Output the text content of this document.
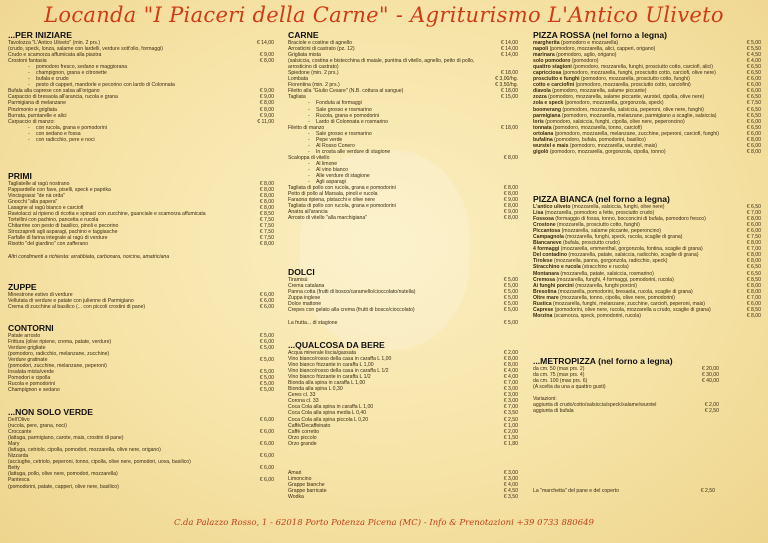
Locanda "I Piaceri della Carne" - Agriturismo L'Antico Uliveto
...PER INIZIARE
Tavolozza "L'Antico Uliveto" (min. 2 prs.)	€ 14,00
(crudo, speck, lonza, salame con lardelli, verdure sott'olio, formaggi)
Crudo e scamorza affumicata alla piastra	€ 9,00
Crostoni fantasia	€ 8,00
- pomodoro fresco, sedano e maggiorana
- champignon, grana e citronette
- bufala e crudo
- pesto di capperi, mandorle e pecorino con lardo di Colonnata
Bufala alla caprese con salsa all'origano	€ 9,00
Carpaccio di bresaola all'arancia, rucola e grana	€ 9,00
Parmigiana di melanzane	€ 8,00
Pinzimonio e grigliata	€ 8,00
Burrata, purntarelle e alici	€ 9,00
Carpaccio di manzo:	€ 11,00
- con rucola, grana e pomodorini
- con sedano e fossa
- con radicchio, pere e noci
PRIMI
Tagliatelle al ragù nostrano	€ 8,00
Pappardelle con fave, piselli, speck e paprika	€ 8,00
Vincisgrassi "de nà orda"	€ 8,00
Gnocchi "alla papera"	€ 8,00
Lasagne al ragù bianco e carciofi	€ 8,00
Raviolacci al ripieno di ricotta e spinaci con zucchine, guanciale e scamorza affumicata	€ 8,50
Tortellini con pachino, pancetta e rucola	€ 7,50
Chitarrine con pesto di basilico, pinoli e pecorino	€ 7,50
Strozzapreti agli asparagi, pachino e taggiasche	€ 7,50
Farfalle di farina integrale al ragù di verdure	€ 7,50
Risotto "del giardino" con zafferano	€ 8,00
Altri condimenti a richiesta: arrabbiata, carbonara, norcina, amatriciana
ZUPPE
Minestrone estivo di verdure	€ 6,00
Vellutata di verdure e patate con julienne di Parmigiano	€ 6,00
Crema di zucchine al basilico (... con piccoli crostini di pane)	€ 6,00
CONTORNI
Patate arrosto	€ 5,00
Frittura (olive ripiene, crema, patate, verdure)	€ 6,00
Verdure grigliate	€ 5,00
(pomodoro, radicchio, melanzane, zucchine)
Verdure gratinate	€ 5,00
(pomodori, zucchine, melanzane, peperoni)
Insalata mista/verde	€ 5,00
Pomodori e cipolla	€ 5,00
Rucola e pomodorini	€ 5,00
Champignon e sedano	€ 5,00
...NON SOLO VERDE
Dell'Olivo	€ 6,00
(rucola, pere, grana, noci)
Croccante	€ 6,00
(lattuga, parmigiano, carote, mais, crostini di pane)
Mary	€ 6,00
(lattuga, cetriolo, cipolla, pomodori, mozzarella, olive nere, origano)
Nizzarda	€ 6,00
(acciughe, cetriolo, peperoni, tonno, cipolla, olive nere, pomodori, uova, basilico)
Betty	€ 6,00
(lattuga, pollo, olive nere, pomodori, mozzarella)
Pantesca	€ 6,00
(pomodorini, patate, capperi, olive nere, basilico)
CARNE
Braciole e costine di agnello	€ 14,00
Arrosticini di castrato (pz. 12)	€ 14,00
Grigliata mista	€ 14,00
(salsiccia, costina e bistecchina di maiale, puntina di vitello, agnello, petto di pollo,
arrosticino di castrato)
Spiedone (min. 2 prs.)	€ 18,00
Lombata	€ 3,00/hg.
Fiorentina (min. 2 prs.)	€ 3,50/hg.
Filetto alla "Giulio Cesare" (N.B. cottura al sangue)	€ 18,00
Tagliata	€ 15,00
- Fonduta ai formaggi
- Sale grosso e rosmarino
- Rucola, grana e pomodorini
- Lardo di Colonnata e rosmarino
Filetto di manzo	€ 18,00
- Sale grosso e rosmarino
- Pepe verde
- Al Rosso Conero
- In crosta alle verdure di stagione
Scaloppa di vitello	€ 8,00
- Al limone
- Al vino bianco
- Alle verdure di stagione
- Agli asparagi
Tagliata di pollo con rucola, grana e pomodorini	€ 8,00
Petto di pollo al Marsala, pinoli e rucola	€ 8,00
Faraona ripiena, pistacchi e olive nere	€ 9,00
Tagliata di pollo con rucola, grana e pomodorini	€ 8,00
Anatra all'arancia	€ 9,00
Arrosto di vitello "alla marchigiana"	€ 8,00
DOLCI
Tiramisù	€ 5,00
Crema catalana	€ 5,00
Panna cotta (frutti di bosco/caramello/cioccolato/nutella)	€ 5,00
Zuppa inglese	€ 5,00
Dolce mattone	€ 5,00
Crepes con gelato alla crema (frutti di bosco/cioccolato)	€ 5,00
La frutta... di stagione	€ 5,00
...QUALCOSA DA BERE
Acqua minerale liscia/gassata	€ 2,00
Vino bianco/rosso della casa in caraffa L 1,00	€ 8,00
Vino bianco frizzante in caraffa L 1,00	€ 8,00
Vino bianco/rosso della casa in caraffa L 1/2	€ 4,00
Vino bianco frizzante in caraffa L 1/2	€ 4,00
Bionda alla spina in caraffa L 1,00	€ 7,00
Bionda alla spina L 0,30	€ 3,00
Ceres cl. 33	€ 3,00
Corona cl. 33	€ 3,00
Coca Cola alla spina in caraffa L 1,00	€ 7,00
Coca Cola alla spina media L 0,40	€ 3,50
Coca Cola alla spina piccola L 0,20	€ 2,50
Caffè/Decaffeinato	€ 1,00
Caffè corretto	€ 2,00
Orzo piccolo	€ 1,50
Orzo grande	€ 1,80
Amari	€ 3,00
Limoncino	€ 3,00
Grappe bianche	€ 4,00
Grappe barricate	€ 4,50
Wodka	€ 3,50
PIZZA ROSSA (nel forno a legna)
margherita (pomodoro e mozzarella)	€ 5,00
napoli (pomodoro, mozzarella, alici, capperi, origano)	€ 5,50
marinara (pomodoro, aglio, origano)	€ 4,50
solo pomodoro (pomodoro)	€ 4,00
quattro stagioni (pomodoro, mozzarella, funghi, prosciutto cotto, carciofi, alici)	€ 6,50
capricciosa (pomodoro, mozzarella, funghi, prosciutto cotto, carciofi, olive nere)	€ 6,50
prosciutto e funghi (pomodoro, mozzarella, prosciutto cotto, funghi)	€ 6,00
cotto e carciofini (pomodoro, mozzarella, prosciutto cotto, carciofini)	€ 6,00
diavola (pomodoro, mozzarella, salame piccante)	€ 6,00
zozza (pomodoro, mozzarella, salame piccante, wurstel, cipolla, olive nere)	€ 6,50
zola e speck (pomodoro, mozzarella, gorgonzola, speck)	€ 7,50
boomerang (pomodoro, mozzarella, salsiccia, peperoni, olive nere, funghi)	€ 6,50
parmigiana (pomodoro, mozzarella, melanzane, parmigiano a scaglie, salsiccia)	€ 6,50
loris (pomodoro, salsiccia, funghi, cipolla, olive nere, peperoncino)	€ 6,00
tonnata (pomodoro, mozzarella, tonno, carciofi)	€ 6,50
ortolana (pomodoro, mozzarella, melanzane, zucchine, peperoni, carciofi, funghi)	€ 6,00
bufalina (pomodoro, bufala, pomodorini, basilico)	€ 8,00
wurstel e mais (pomodoro, mozzarella, wurstel, mais)	€ 6,00
gigolò (pomodoro, mozzarella, gorgonzola, cipolla, tonno)	€ 8,00
PIZZA BIANCA (nel forno a legna)
L'antico uliveto (mozzarella, salsiccia, funghi, olive nere)	€ 6,50
Lisa (mozzarella, pomodoro a fette, prosciutto crudo)	€ 7,00
Fossosa (formaggio di fossa, tonno, bocconcini di bufala, pomodoro fresco)	€ 8,00
Crostone (mozzarella, prosciutto cotto, funghi)	€ 6,00
Piccantosa (mozzarella, salame piccante, peperoncino)	€ 6,00
Campagnola (mozzarella, funghi, speck, rucola, scaglie di grana)	€ 7,50
Biancaneve (bufala, prosciutto crudo)	€ 8,00
4 formaggi (mozzarella, emmenthal, gorgonzola, fontina, scaglie di grana)	€ 7,00
Del contadino (mozzarella, patate, salsiccia, radicchio, scaglie di grana)	€ 8,00
Tirolese (mozzarella, panna, gorgonzola, radicchio, speck)	€ 8,00
Stracchino e rucola (stracchino e rucola)	€ 6,50
Montanara (mozzarella, patate, salsiccia, rosmarino)	€ 6,50
Cremosa (mozzarella, funghi, 4 formaggi, pomodorini, rucola)	€ 8,50
Ai funghi porcini (mozzarella, funghi porcini)	€ 8,00
Bresolina (mozzarella, pomodorini, bresaola, rucola, scaglie di grana)	€ 8,00
Oltre mare (mozzarella, tonno, cipolla, olive nere, pomodorini)	€ 7,00
Rustica (mozzarella, funghi, melanzane, zucchine, carciofi, peperoni, mais)	€ 6,00
Caprese (pomodorini, olive nere, rucola, mozzarella a crudo, scaglie di grana)	€ 8,50
Morzina (scamorza, speck, pomodorini, rucola)	€ 8,00
...METROPIZZA (nel forno a legna)
da cm. 50 (max prs. 2)	€ 20,00
da cm. 75 (max prs. 4)	€ 30,00
da cm. 100 (max prs. 6)	€ 40,00
(A scelta da una a quattro gusti)
Variazioni:
aggiunta di crudo/cotto/salsiccia/speck/salame/wurstel	€ 2,00
aggiunta di bufala	€ 2,50
La "marchetta" del pane e del coperto	€ 2,50
C.da Palazzo Rosso, 1 - 62018 Porto Potenza Picena (MC) - Info & Prenotazioni +39 0733 880649
